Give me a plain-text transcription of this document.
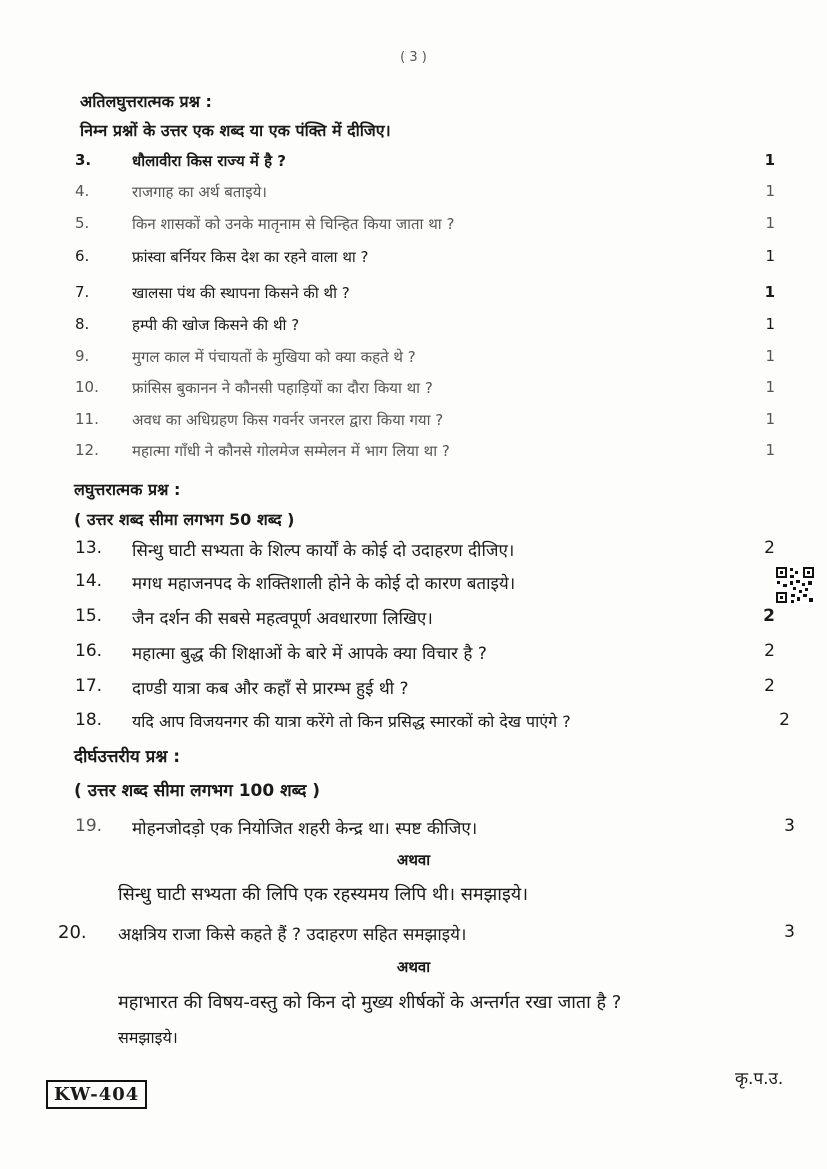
( 3 )
अतिलघुत्तरात्मक प्रश्न :
निम्न प्रश्नों के उत्तर एक शब्द या एक पंक्ति में दीजिए।
3.	धौलावीरा किस राज्य में है ?	1
4.	राजगाह का अर्थ बताइये।	1
5.	किन शासकों को उनके मातृनाम से चिन्हित किया जाता था ?	1
6.	फ्रांस्वा बर्नियर किस देश का रहने वाला था ?	1
7.	खालसा पंथ की स्थापना किसने की थी ?	1
8.	हम्पी की खोज किसने की थी ?	1
9.	मुगल काल में पंचायतों के मुखिया को क्या कहते थे ?	1
10.	फ्रांसिस बुकानन ने कौनसी पहाड़ियों का दौरा किया था ?	1
11.	अवध का अधिग्रहण किस गवर्नर जनरल द्वारा किया गया ?	1
12.	महात्मा गाँधी ने कौनसे गोलमेज सम्मेलन में भाग लिया था ?	1
लघुत्तरात्मक प्रश्न :
( उत्तर शब्द सीमा लगभग 50 शब्द )
13.	सिन्धु घाटी सभ्यता के शिल्प कार्यों के कोई दो उदाहरण दीजिए।	2
14.	मगध महाजनपद के शक्तिशाली होने के कोई दो कारण बताइये।
15.	जैन दर्शन की सबसे महत्वपूर्ण अवधारणा लिखिए।	2
16.	महात्मा बुद्ध की शिक्षाओं के बारे में आपके क्या विचार है ?	2
17.	दाण्डी यात्रा कब और कहाँ से प्रारम्भ हुई थी ?	2
18.	यदि आप विजयनगर की यात्रा करेंगे तो किन प्रसिद्ध स्मारकों को देख पाएंगे ?	2
दीर्घउत्तरीय प्रश्न :
( उत्तर शब्द सीमा लगभग 100 शब्द )
19.	मोहनजोदड़ो एक नियोजित शहरी केन्द्र था। स्पष्ट कीजिए।	3
अथवा
सिन्धु घाटी सभ्यता की लिपि एक रहस्यमय लिपि थी। समझाइये।
20.	अक्षत्रिय राजा किसे कहते हैं ? उदाहरण सहित समझाइये।	3
अथवा
महाभारत की विषय-वस्तु को किन दो मुख्य शीर्षकों के अन्तर्गत रखा जाता है ?
समझाइये।
कृ.प.उ.
KW-404
